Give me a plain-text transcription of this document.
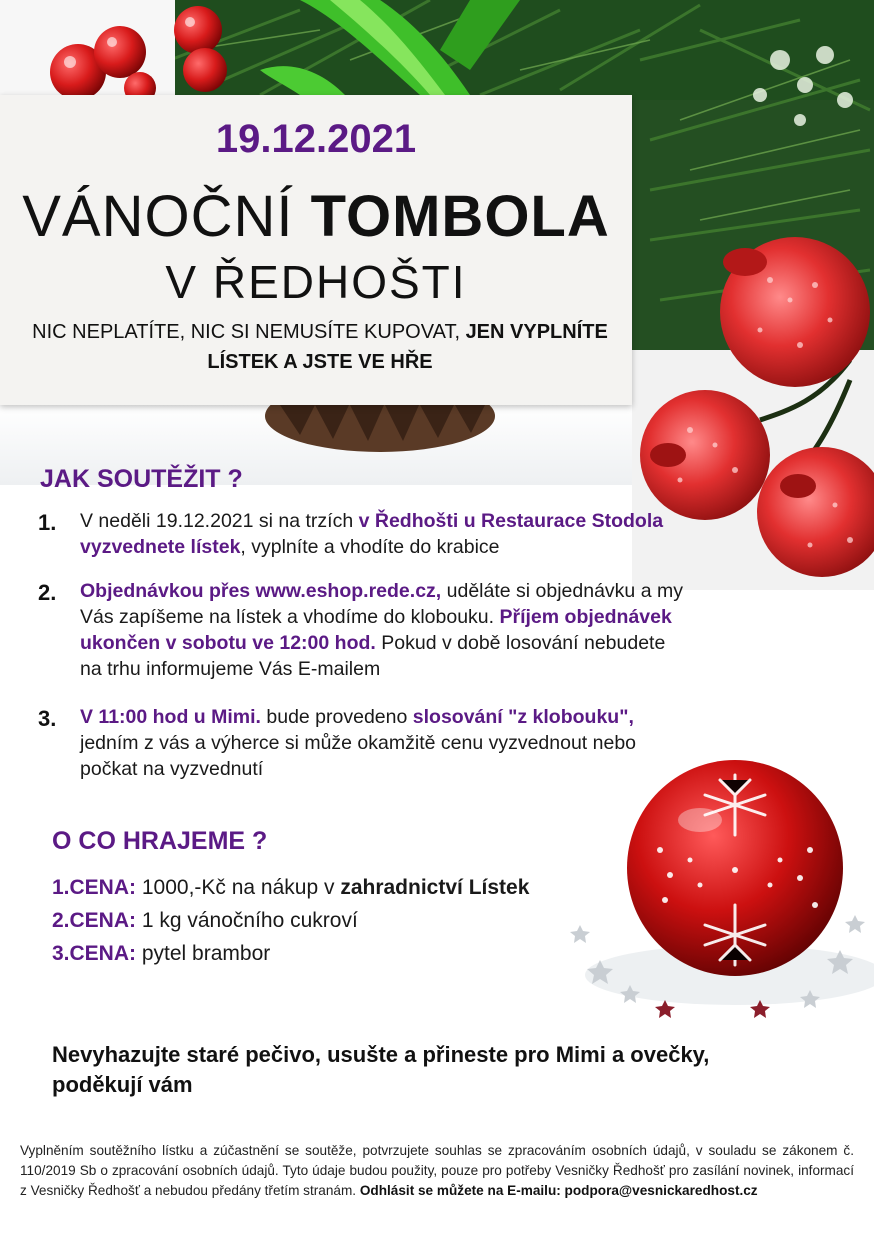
19.12.2021
VÁNOČNÍ TOMBOLA
V ŘEDHOŠTI
NIC NEPLATÍTE, NIC SI NEMUSÍTE KUPOVAT, JEN VYPLNÍTE LÍSTEK A JSTE VE HŘE
JAK SOUTĚŽIT ?
1. V neděli 19.12.2021 si na trzích v Ředhošti u Restaurace Stodola vyzvednete lístek, vyplníte a vhodíte do krabice
2. Objednávkou přes www.eshop.rede.cz, uděláte si objednávku a my Vás zapíšeme na lístek a vhodíme do klobouku. Příjem objednávek ukončen v sobotu ve 12:00 hod. Pokud v době losování nebudete na trhu informujeme Vás E-mailem
3. V 11:00 hod u Mimi. bude provedeno slosování "z klobouku", jedním z vás a výherce si může okamžitě cenu vyzvednout nebo počkat na vyzvednutí
O CO HRAJEME ?
1.CENA: 1000,-Kč na nákup v zahradnictví Lístek
2.CENA: 1 kg vánočního cukroví
3.CENA: pytel brambor
Nevyhazujte staré pečivo, usušte a přineste pro Mimi a ovečky, poděkují vám
Vyplněním soutěžního lístku a zúčastnění se soutěže, potvrzujete souhlas se zpracováním osobních údajů, v souladu se zákonem č. 110/2019 Sb o zpracování osobních údajů. Tyto údaje budou použity, pouze pro potřeby Vesničky Ředhošť pro zasílání novinek, informací z Vesničky Ředhošť a nebudou předány třetím stranám. Odhlásit se můžete na E-mailu: podpora@vesnickaredhost.cz
